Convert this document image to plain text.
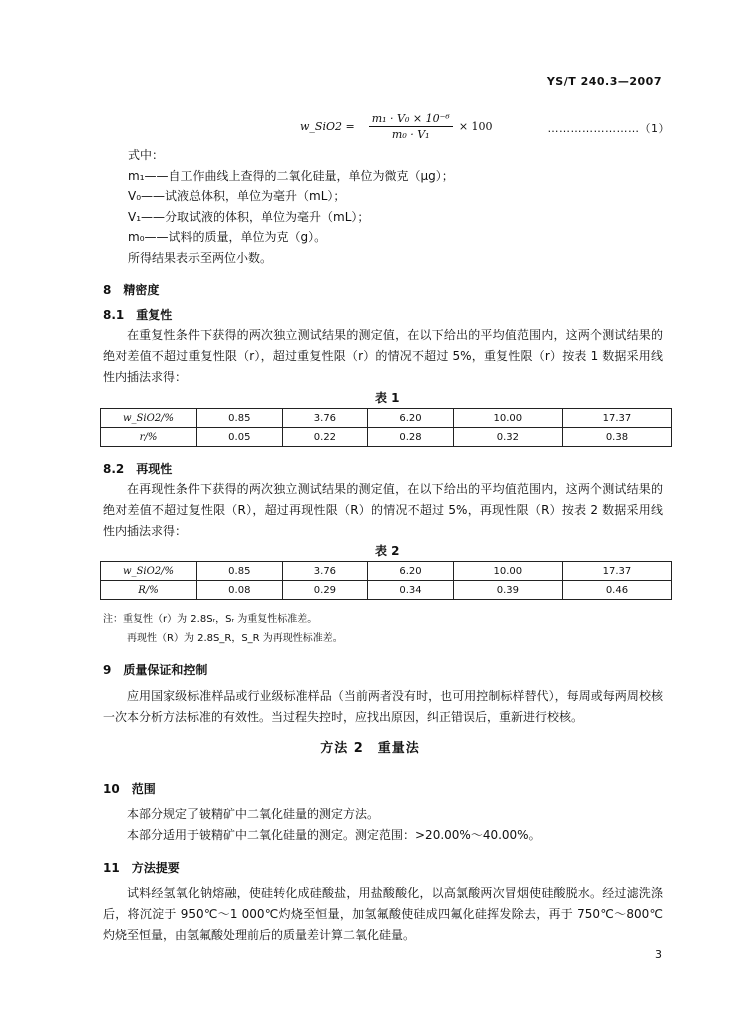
YS/T 240.3—2007
w_SiO2 = $\frac{\text{m₁ · V₀ × 10⁻⁶}}{\text{m₀ · V₁}} \times 100$	……………………（1）
式中：
m₁——自工作曲线上查得的二氧化硅量，单位为微克（μg）；
V₀——试液总体积，单位为毫升（mL）；
V₁——分取试液的体积，单位为毫升（mL）；
m₀——试料的质量，单位为克（g）。
所得结果表示至两位小数。
8　精密度
8.1　重复性
在重复性条件下获得的两次独立测试结果的测定值，在以下给出的平均值范围内，这两个测试结果的绝对差值不超过重复性限（r），超过重复性限（r）的情况不超过 5%，重复性限（r）按表 1 数据采用线性内插法求得：
表 1
w_SiO2/%	0.85	3.76	6.20	10.00	17.37
r/%	0.05	0.22	0.28	0.32	0.38
8.2　再现性
在再现性条件下获得的两次独立测试结果的测定值，在以下给出的平均值范围内，这两个测试结果的绝对差值不超过复性限（R），超过再现性限（R）的情况不超过 5%，再现性限（R）按表 2 数据采用线性内插法求得：
表 2
w_SiO2/%	0.85	3.76	6.20	10.00	17.37
R/%	0.08	0.29	0.34	0.39	0.46
注：重复性（r）为 2.8Sᵣ，Sᵣ 为重复性标准差。
再现性（R）为 2.8S_R，S_R 为再现性标准差。
9　质量保证和控制
应用国家级标准样品或行业级标准样品（当前两者没有时，也可用控制标样替代），每周或每两周校核一次本分析方法标准的有效性。当过程失控时，应找出原因，纠正错误后，重新进行校核。
方法 2　重量法
10　范围
本部分规定了铍精矿中二氧化硅量的测定方法。
本部分适用于铍精矿中二氧化硅量的测定。测定范围：>20.00%～40.00%。
11　方法提要
试料经氢氧化钠熔融，使硅转化成硅酸盐，用盐酸酸化，以高氯酸两次冒烟使硅酸脱水。经过滤洗涤后，将沉淀于 950℃～1 000℃灼烧至恒量，加氢氟酸使硅成四氟化硅挥发除去，再于 750℃～800℃灼烧至恒量，由氢氟酸处理前后的质量差计算二氧化硅量。
3
